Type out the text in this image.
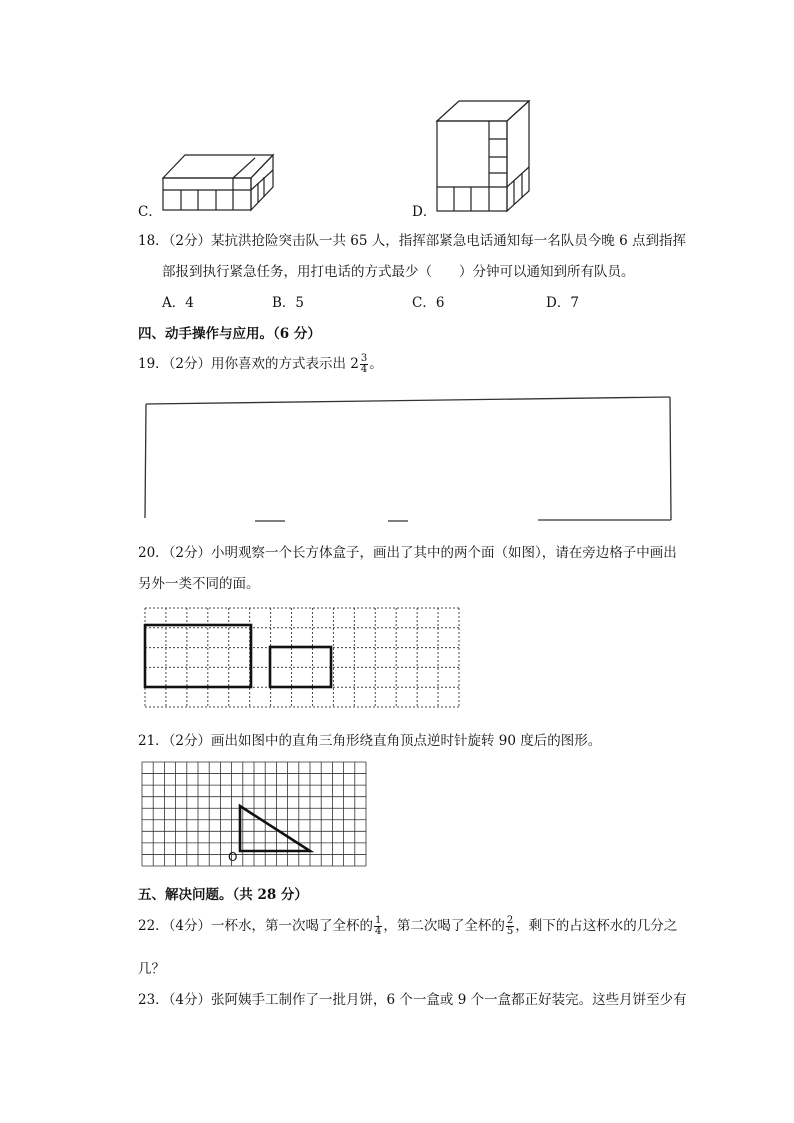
C．	D．
18．（2分）某抗洪抢险突击队一共 65 人，指挥部紧急电话通知每一名队员今晚 6 点到指挥
部报到执行紧急任务，用打电话的方式最少（　　）分钟可以通知到所有队员。
A．4	B．5	C．6	D．7
四、动手操作与应用。（6 分）
19．（2分）用你喜欢的方式表示出 $2 \frac{3}{4}$ 。
20．（2分）小明观察一个长方体盒子，画出了其中的两个面（如图），请在旁边格子中画出
另外一类不同的面。
21．（2分）画出如图中的直角三角形绕直角顶点逆时针旋转 90 度后的图形。
O
五、解决问题。（共 28 分）
22．（4分）一杯水，第一次喝了全杯的 $\frac{1}{4}$ ，第二次喝了全杯的 $\frac{2}{5}$ ，剩下的占这杯水的几分之
几？
23．（4分）张阿姨手工制作了一批月饼，6 个一盒或 9 个一盒都正好装完。这些月饼至少有
